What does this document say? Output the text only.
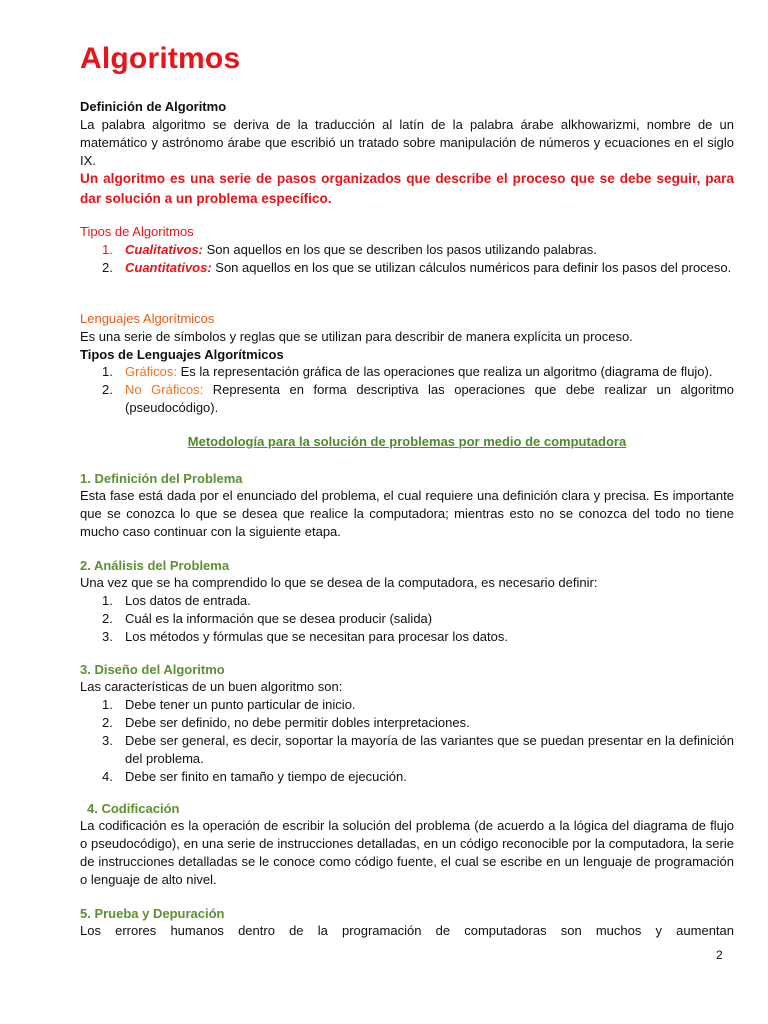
Algoritmos
Definición de Algoritmo

La palabra algoritmo se deriva de la traducción al latín de la palabra árabe alkhowarizmi, nombre de un matemático y astrónomo árabe que escribió un tratado sobre manipulación de números y ecuaciones en el siglo IX.

Un algoritmo es una serie de pasos organizados que describe el proceso que se debe seguir, para dar solución a un problema específico.

Tipos de Algoritmos
1. Cualitativos: Son aquellos en los que se describen los pasos utilizando palabras.
2. Cuantitativos: Son aquellos en los que se utilizan cálculos numéricos para definir los pasos del proceso.
Lenguajes Algorítmicos

Es una serie de símbolos y reglas que se utilizan para describir de manera explícita un proceso.

Tipos de Lenguajes Algorítmicos
1. Gráficos: Es la representación gráfica de las operaciones que realiza un algoritmo (diagrama de flujo).
2. No Gráficos: Representa en forma descriptiva las operaciones que debe realizar un algoritmo (pseudocódigo).
Metodología para la solución de problemas por medio de computadora
1. Definición del Problema

Esta fase está dada por el enunciado del problema, el cual requiere una definición clara y precisa. Es importante que se conozca lo que se desea que realice la computadora; mientras esto no se conozca del todo no tiene mucho caso continuar con la siguiente etapa.

2. Análisis del Problema

Una vez que se ha comprendido lo que se desea de la computadora, es necesario definir:

1. Los datos de entrada.
2. Cuál es la información que se desea producir (salida)
3. Los métodos y fórmulas que se necesitan para procesar los datos.
3. Diseño del Algoritmo

Las características de un buen algoritmo son:

1. Debe tener un punto particular de inicio.
2. Debe ser definido, no debe permitir dobles interpretaciones.
3. Debe ser general, es decir, soportar la mayoría de las variantes que se puedan presentar en la definición del problema.
4. Debe ser finito en tamaño y tiempo de ejecución.
4. Codificación

La codificación es la operación de escribir la solución del problema (de acuerdo a la lógica del diagrama de flujo o pseudocódigo), en una serie de instrucciones detalladas, en un código reconocible por la computadora, la serie de instrucciones detalladas se le conoce como código fuente, el cual se escribe en un lenguaje de programación o lenguaje de alto nivel.

5. Prueba y Depuración

Los errores humanos dentro de la programación de computadoras son muchos y aumentan

2
